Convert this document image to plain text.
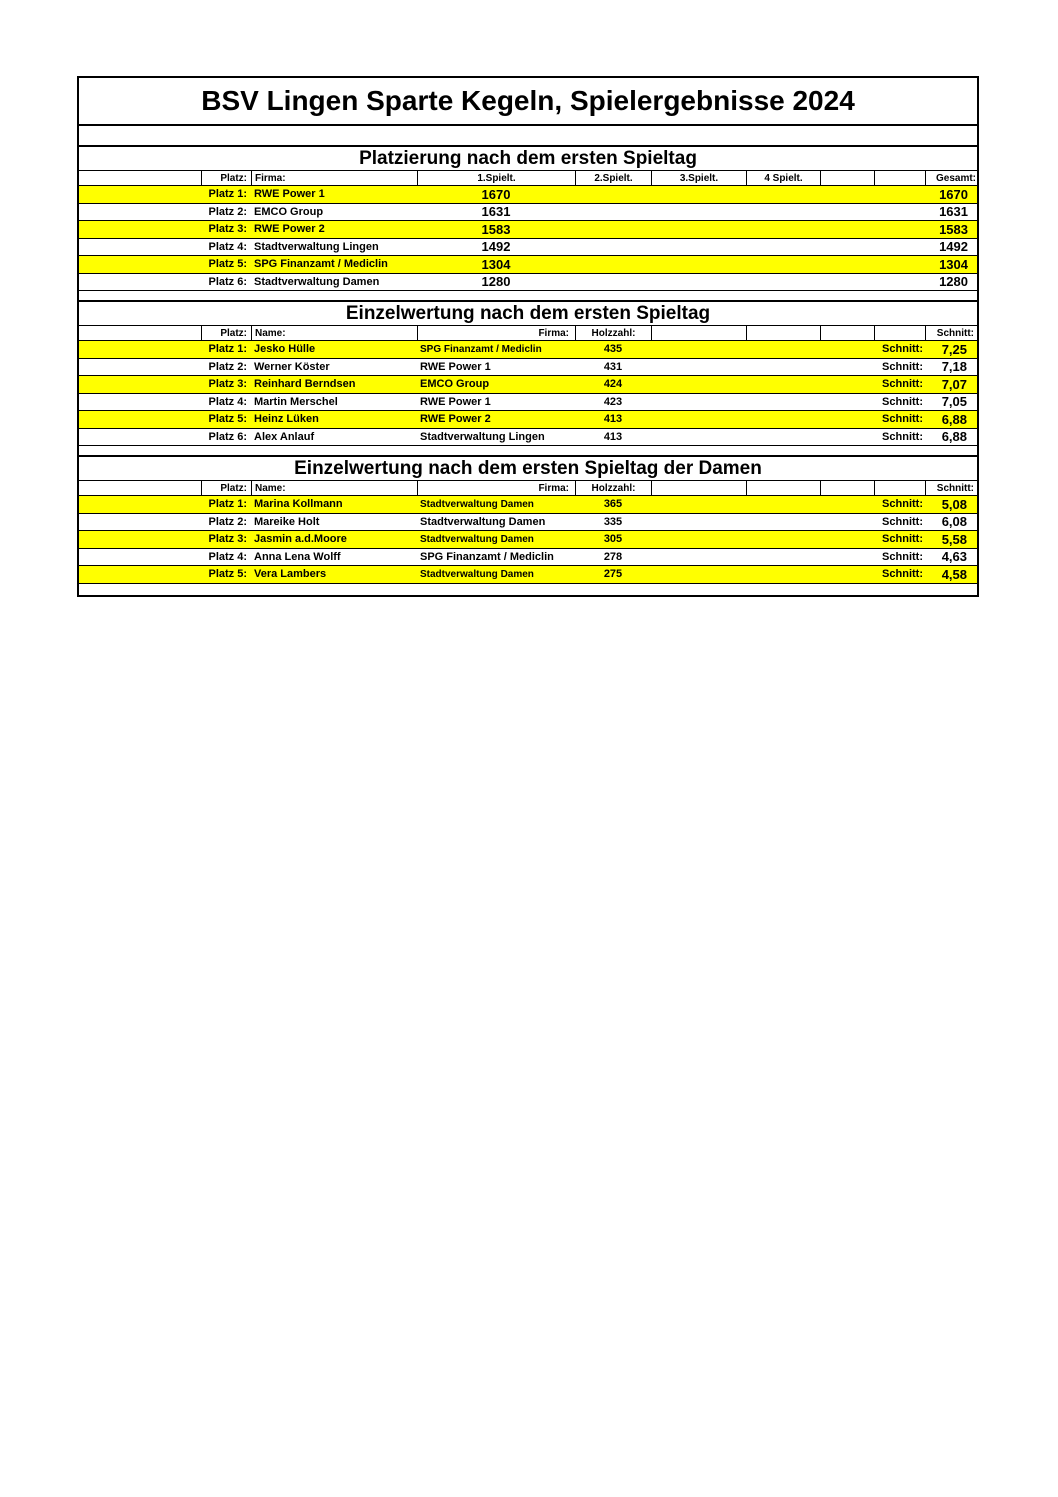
BSV Lingen Sparte Kegeln, Spielergebnisse 2024
Platzierung nach dem ersten Spieltag
Platz: Firma:	1.Spielt.	2.Spielt.	3.Spielt.	4 Spielt.	Gesamt:
Platz 1: RWE Power 1	1670	1670
Platz 2: EMCO Group	1631	1631
Platz 3: RWE Power 2	1583	1583
Platz 4: Stadtverwaltung Lingen	1492	1492
Platz 5: SPG Finanzamt / Mediclin	1304	1304
Platz 6: Stadtverwaltung Damen	1280	1280
Einzelwertung nach dem ersten Spieltag
Platz: Name:	Firma:	Holzzahl:	Schnitt:
Platz 1: Jesko Hülle	SPG Finanzamt / Mediclin	435	Schnitt:	7,25
Platz 2: Werner Köster	RWE Power 1	431	Schnitt:	7,18
Platz 3: Reinhard Berndsen	EMCO Group	424	Schnitt:	7,07
Platz 4: Martin Merschel	RWE Power 1	423	Schnitt:	7,05
Platz 5: Heinz Lüken	RWE Power 2	413	Schnitt:	6,88
Platz 6: Alex Anlauf	Stadtverwaltung Lingen	413	Schnitt:	6,88
Einzelwertung nach dem ersten Spieltag der Damen
Platz: Name:	Firma:	Holzzahl:	Schnitt:
Platz 1: Marina Kollmann	Stadtverwaltung Damen	365	Schnitt:	5,08
Platz 2: Mareike Holt	Stadtverwaltung Damen	335	Schnitt:	6,08
Platz 3: Jasmin a.d.Moore	Stadtverwaltung Damen	305	Schnitt:	5,58
Platz 4: Anna Lena Wolff	SPG Finanzamt / Mediclin	278	Schnitt:	4,63
Platz 5: Vera Lambers	Stadtverwaltung Damen	275	Schnitt:	4,58
